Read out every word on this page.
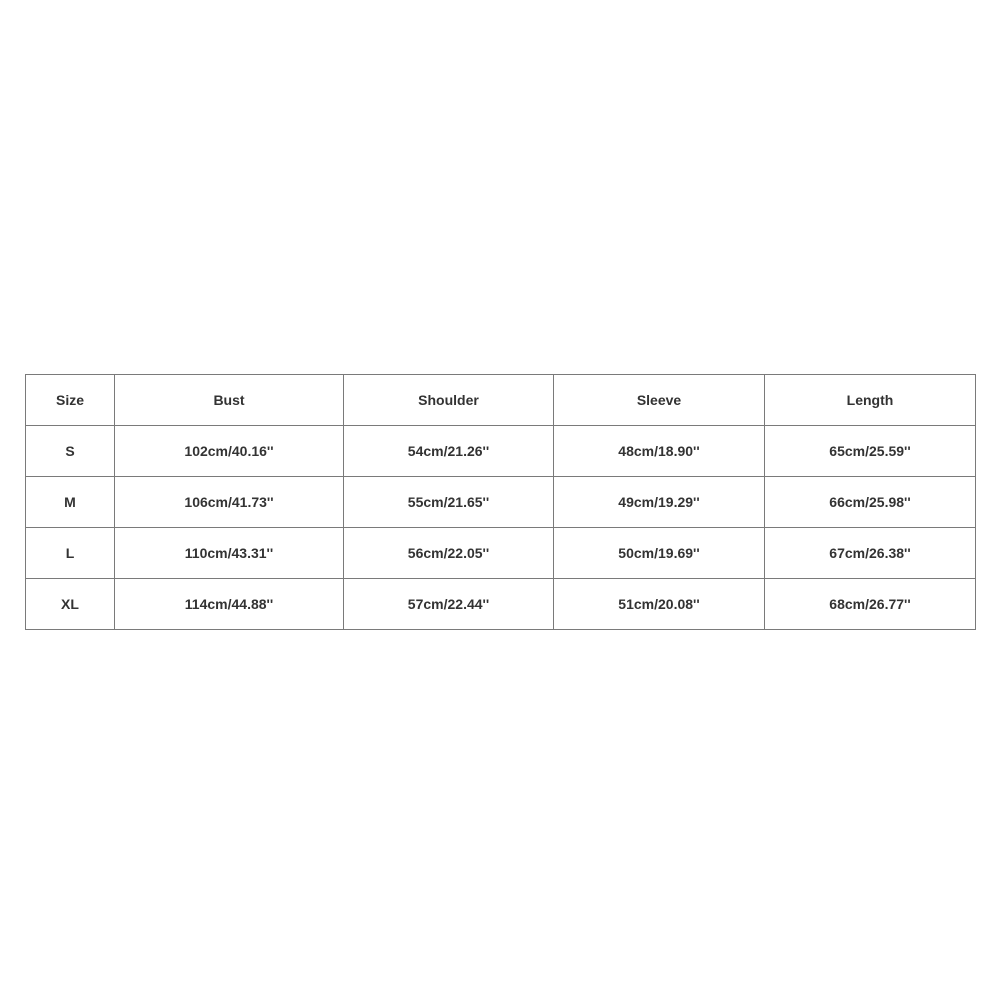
Size	Bust	Shoulder	Sleeve	Length
S	102cm/40.16''	54cm/21.26''	48cm/18.90''	65cm/25.59''
M	106cm/41.73''	55cm/21.65''	49cm/19.29''	66cm/25.98''
L	110cm/43.31''	56cm/22.05''	50cm/19.69''	67cm/26.38''
XL	114cm/44.88''	57cm/22.44''	51cm/20.08''	68cm/26.77''
